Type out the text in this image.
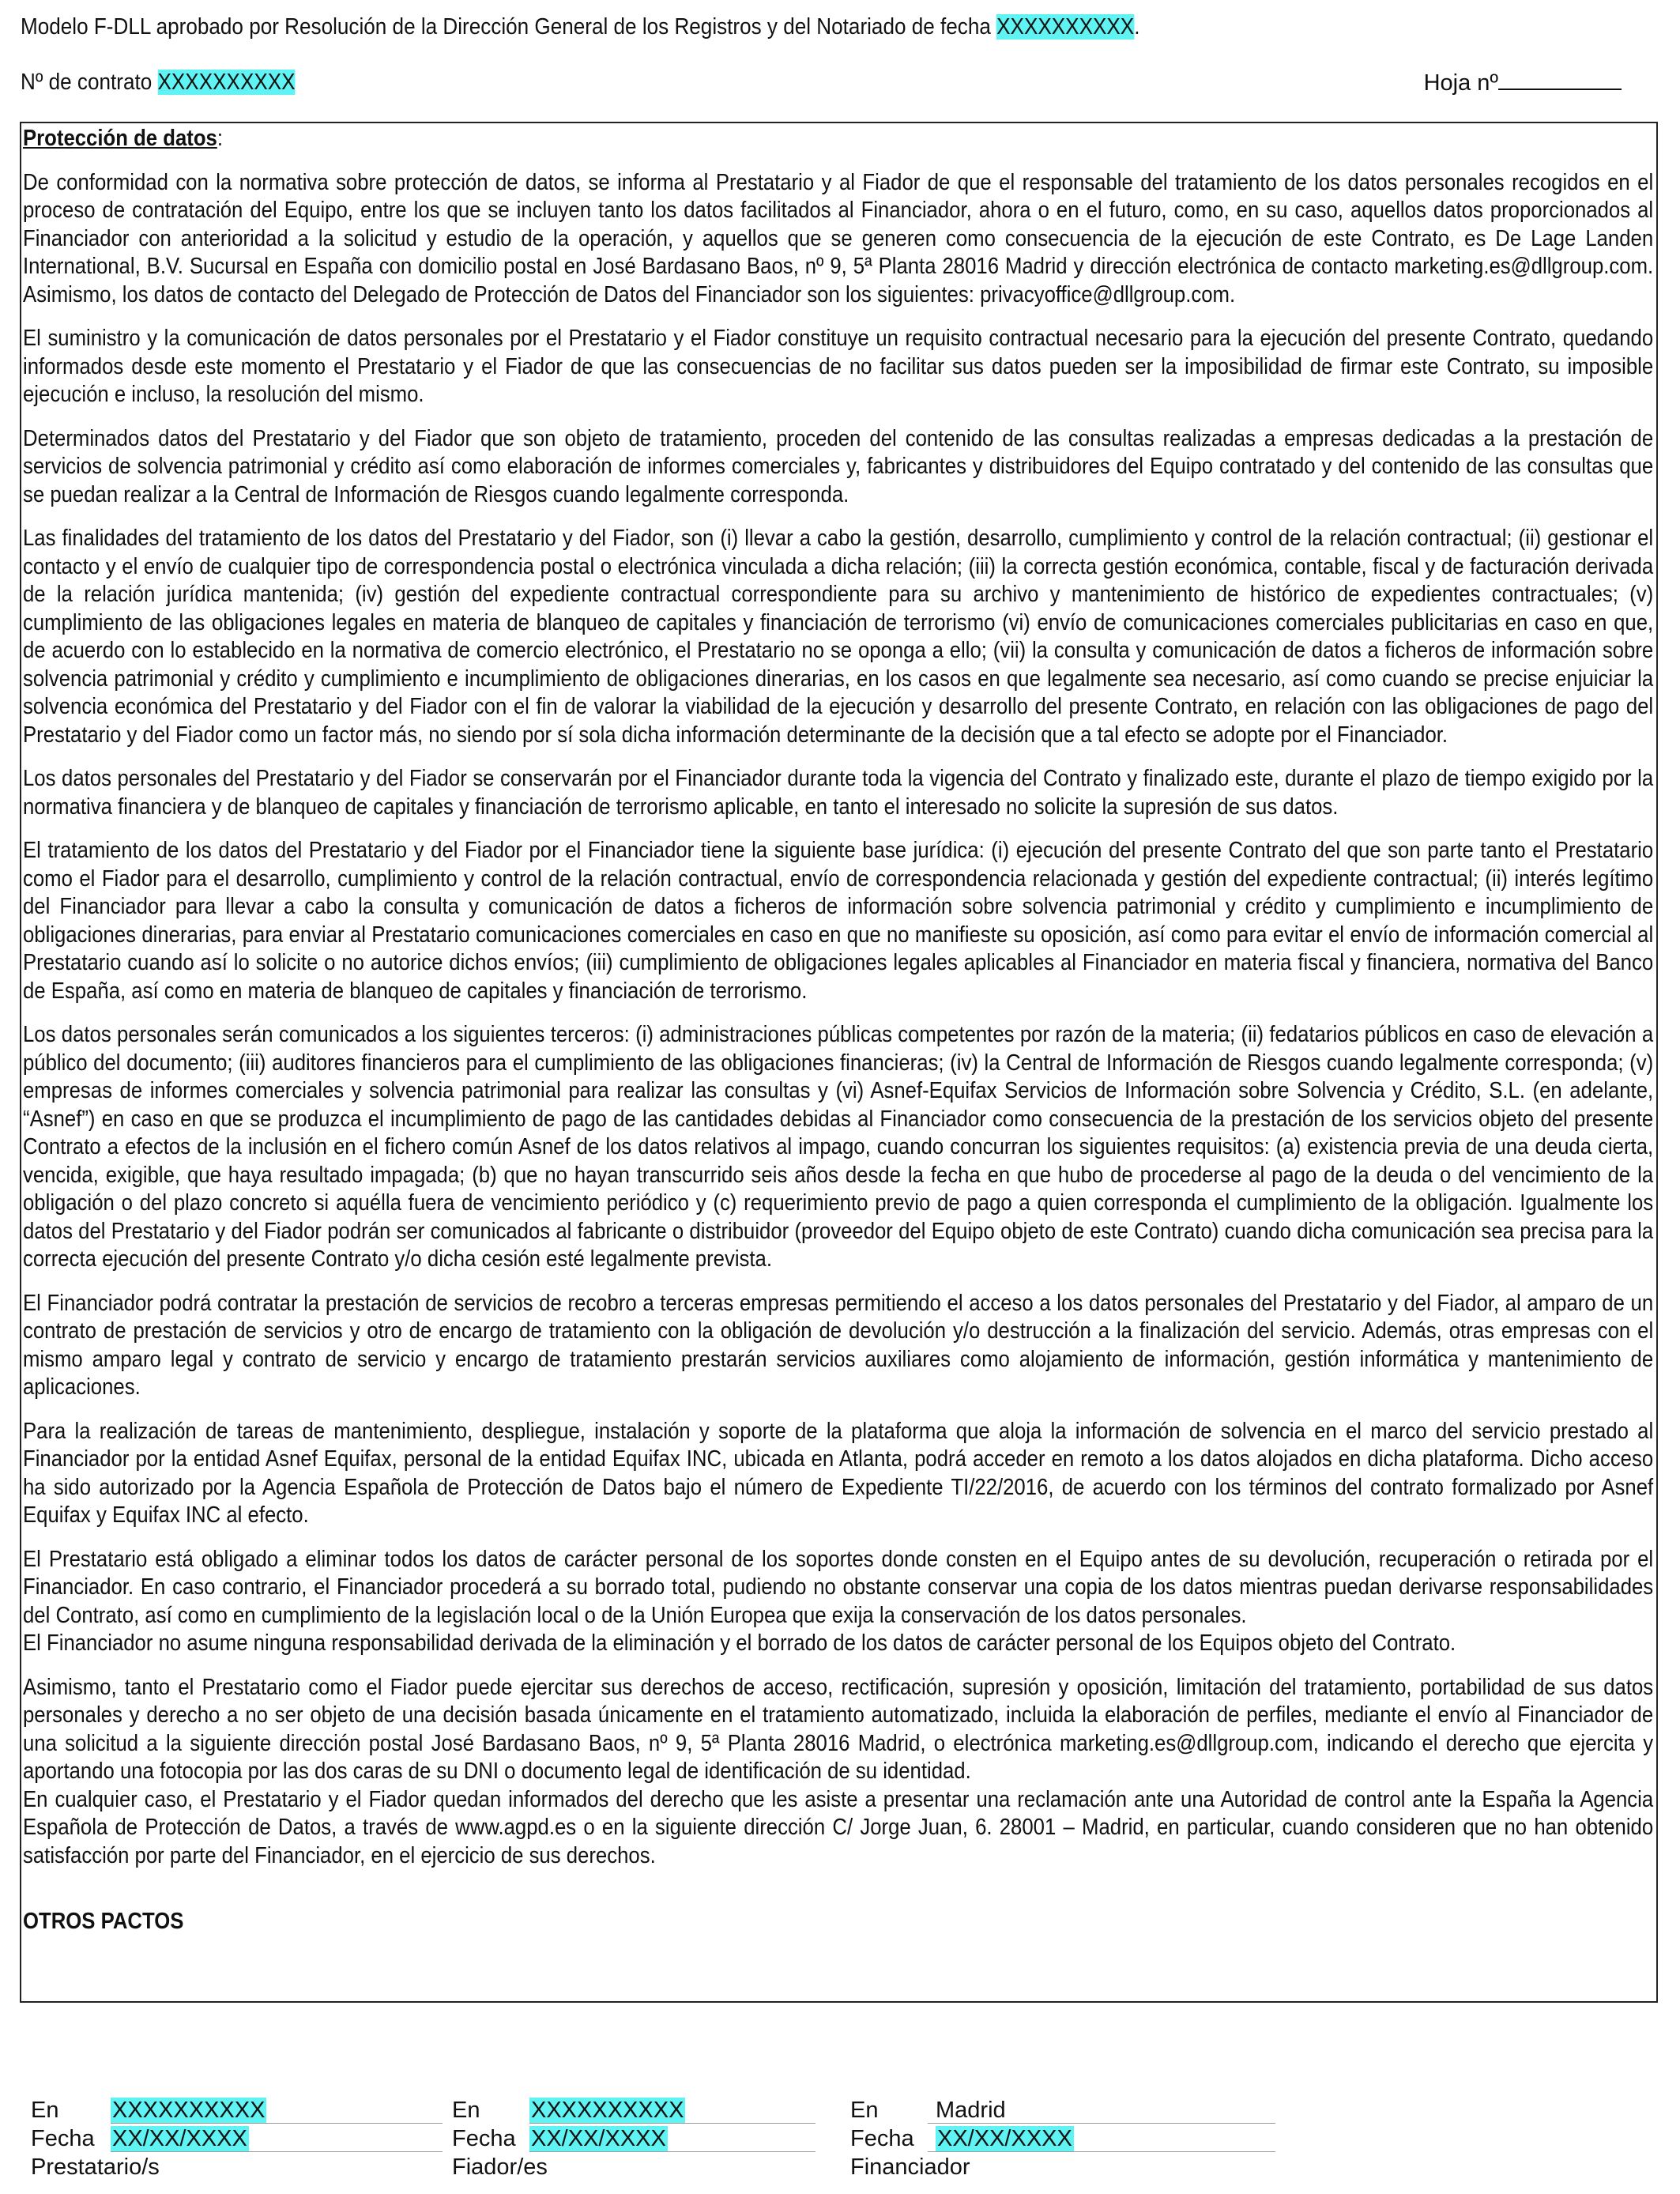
Modelo F-DLL aprobado por Resolución de la Dirección General de los Registros y del Notariado de fecha XXXXXXXXXX.
Nº de contrato XXXXXXXXXX	Hoja nº
Protección de datos:

De conformidad con la normativa sobre protección de datos, se informa al Prestatario y al Fiador de que el responsable del tratamiento de los datos personales recogidos en el proceso de contratación del Equipo, entre los que se incluyen tanto los datos facilitados al Financiador, ahora o en el futuro, como, en su caso, aquellos datos proporcionados al Financiador con anterioridad a la solicitud y estudio de la operación, y aquellos que se generen como consecuencia de la ejecución de este Contrato, es De Lage Landen International, B.V. Sucursal en España con domicilio postal en José Bardasano Baos, nº 9, 5ª Planta 28016 Madrid y dirección electrónica de contacto marketing.es@dllgroup.com. Asimismo, los datos de contacto del Delegado de Protección de Datos del Financiador son los siguientes: privacyoffice@dllgroup.com.

El suministro y la comunicación de datos personales por el Prestatario y el Fiador constituye un requisito contractual necesario para la ejecución del presente Contrato, quedando informados desde este momento el Prestatario y el Fiador de que las consecuencias de no facilitar sus datos pueden ser la imposibilidad de firmar este Contrato, su imposible ejecución e incluso, la resolución del mismo.

Determinados datos del Prestatario y del Fiador que son objeto de tratamiento, proceden del contenido de las consultas realizadas a empresas dedicadas a la prestación de servicios de solvencia patrimonial y crédito así como elaboración de informes comerciales y, fabricantes y distribuidores del Equipo contratado y del contenido de las consultas que se puedan realizar a la Central de Información de Riesgos cuando legalmente corresponda.

Las finalidades del tratamiento de los datos del Prestatario y del Fiador, son (i) llevar a cabo la gestión, desarrollo, cumplimiento y control de la relación contractual; (ii) gestionar el contacto y el envío de cualquier tipo de correspondencia postal o electrónica vinculada a dicha relación; (iii) la correcta gestión económica, contable, fiscal y de facturación derivada de la relación jurídica mantenida; (iv) gestión del expediente contractual correspondiente para su archivo y mantenimiento de histórico de expedientes contractuales; (v) cumplimiento de las obligaciones legales en materia de blanqueo de capitales y financiación de terrorismo (vi) envío de comunicaciones comerciales publicitarias en caso en que, de acuerdo con lo establecido en la normativa de comercio electrónico, el Prestatario no se oponga a ello; (vii) la consulta y comunicación de datos a ficheros de información sobre solvencia patrimonial y crédito y cumplimiento e incumplimiento de obligaciones dinerarias, en los casos en que legalmente sea necesario, así como cuando se precise enjuiciar la solvencia económica del Prestatario y del Fiador con el fin de valorar la viabilidad de la ejecución y desarrollo del presente Contrato, en relación con las obligaciones de pago del Prestatario y del Fiador como un factor más, no siendo por sí sola dicha información determinante de la decisión que a tal efecto se adopte por el Financiador.

Los datos personales del Prestatario y del Fiador se conservarán por el Financiador durante toda la vigencia del Contrato y finalizado este, durante el plazo de tiempo exigido por la normativa financiera y de blanqueo de capitales y financiación de terrorismo aplicable, en tanto el interesado no solicite la supresión de sus datos.

El tratamiento de los datos del Prestatario y del Fiador por el Financiador tiene la siguiente base jurídica: (i) ejecución del presente Contrato del que son parte tanto el Prestatario como el Fiador para el desarrollo, cumplimiento y control de la relación contractual, envío de correspondencia relacionada y gestión del expediente contractual; (ii) interés legítimo del Financiador para llevar a cabo la consulta y comunicación de datos a ficheros de información sobre solvencia patrimonial y crédito y cumplimiento e incumplimiento de obligaciones dinerarias, para enviar al Prestatario comunicaciones comerciales en caso en que no manifieste su oposición, así como para evitar el envío de información comercial al Prestatario cuando así lo solicite o no autorice dichos envíos; (iii) cumplimiento de obligaciones legales aplicables al Financiador en materia fiscal y financiera, normativa del Banco de España, así como en materia de blanqueo de capitales y financiación de terrorismo.

Los datos personales serán comunicados a los siguientes terceros: (i) administraciones públicas competentes por razón de la materia; (ii) fedatarios públicos en caso de elevación a público del documento; (iii) auditores financieros para el cumplimiento de las obligaciones financieras; (iv) la Central de Información de Riesgos cuando legalmente corresponda; (v) empresas de informes comerciales y solvencia patrimonial para realizar las consultas y (vi) Asnef-Equifax Servicios de Información sobre Solvencia y Crédito, S.L. (en adelante, “Asnef”) en caso en que se produzca el incumplimiento de pago de las cantidades debidas al Financiador como consecuencia de la prestación de los servicios objeto del presente Contrato a efectos de la inclusión en el fichero común Asnef de los datos relativos al impago, cuando concurran los siguientes requisitos: (a) existencia previa de una deuda cierta, vencida, exigible, que haya resultado impagada; (b) que no hayan transcurrido seis años desde la fecha en que hubo de procederse al pago de la deuda o del vencimiento de la obligación o del plazo concreto si aquélla fuera de vencimiento periódico y (c) requerimiento previo de pago a quien corresponda el cumplimiento de la obligación. Igualmente los datos del Prestatario y del Fiador podrán ser comunicados al fabricante o distribuidor (proveedor del Equipo objeto de este Contrato) cuando dicha comunicación sea precisa para la correcta ejecución del presente Contrato y/o dicha cesión esté legalmente prevista.

El Financiador podrá contratar la prestación de servicios de recobro a terceras empresas permitiendo el acceso a los datos personales del Prestatario y del Fiador, al amparo de un contrato de prestación de servicios y otro de encargo de tratamiento con la obligación de devolución y/o destrucción a la finalización del servicio. Además, otras empresas con el mismo amparo legal y contrato de servicio y encargo de tratamiento prestarán servicios auxiliares como alojamiento de información, gestión informática y mantenimiento de aplicaciones.

Para la realización de tareas de mantenimiento, despliegue, instalación y soporte de la plataforma que aloja la información de solvencia en el marco del servicio prestado al Financiador por la entidad Asnef Equifax, personal de la entidad Equifax INC, ubicada en Atlanta, podrá acceder en remoto a los datos alojados en dicha plataforma. Dicho acceso ha sido autorizado por la Agencia Española de Protección de Datos bajo el número de Expediente TI/22/2016, de acuerdo con los términos del contrato formalizado por Asnef Equifax y Equifax INC al efecto.

El Prestatario está obligado a eliminar todos los datos de carácter personal de los soportes donde consten en el Equipo antes de su devolución, recuperación o retirada por el Financiador. En caso contrario, el Financiador procederá a su borrado total, pudiendo no obstante conservar una copia de los datos mientras puedan derivarse responsabilidades del Contrato, así como en cumplimiento de la legislación local o de la Unión Europea que exija la conservación de los datos personales.
El Financiador no asume ninguna responsabilidad derivada de la eliminación y el borrado de los datos de carácter personal de los Equipos objeto del Contrato.

Asimismo, tanto el Prestatario como el Fiador puede ejercitar sus derechos de acceso, rectificación, supresión y oposición, limitación del tratamiento, portabilidad de sus datos personales y derecho a no ser objeto de una decisión basada únicamente en el tratamiento automatizado, incluida la elaboración de perfiles, mediante el envío al Financiador de una solicitud a la siguiente dirección postal José Bardasano Baos, nº 9, 5ª Planta 28016 Madrid, o electrónica marketing.es@dllgroup.com, indicando el derecho que ejercita y aportando una fotocopia por las dos caras de su DNI o documento legal de identificación de su identidad.
En cualquier caso, el Prestatario y el Fiador quedan informados del derecho que les asiste a presentar una reclamación ante una Autoridad de control ante la España la Agencia Española de Protección de Datos, a través de www.agpd.es o en la siguiente dirección C/ Jorge Juan, 6. 28001 – Madrid, en particular, cuando consideren que no han obtenido satisfacción por parte del Financiador, en el ejercicio de sus derechos.

OTROS PACTOS
En XXXXXXXXXX
Fecha XX/XX/XXXX
Prestatario/s
En XXXXXXXXXX
Fecha XX/XX/XXXX
Fiador/es
En	Madrid
Fecha	XX/XX/XXXX
Financiador
